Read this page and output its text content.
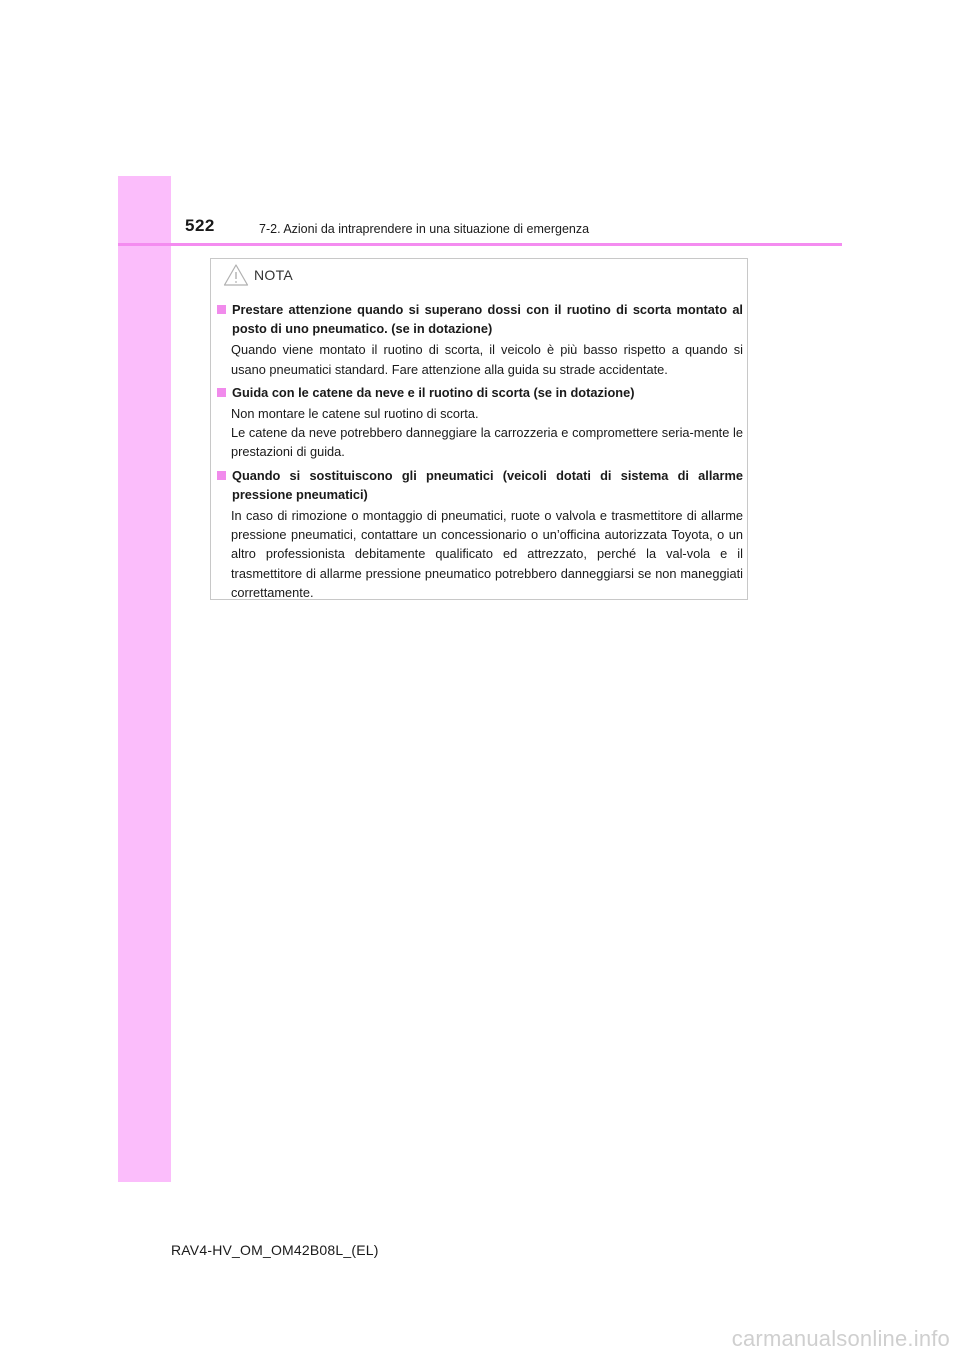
522	7-2. Azioni da intraprendere in una situazione di emergenza
NOTA
Prestare attenzione quando si superano dossi con il ruotino di scorta montato al posto di uno pneumatico. (se in dotazione)
Quando viene montato il ruotino di scorta, il veicolo è più basso rispetto a quando si usano pneumatici standard. Fare attenzione alla guida su strade accidentate.
Guida con le catene da neve e il ruotino di scorta (se in dotazione)
Non montare le catene sul ruotino di scorta.
Le catene da neve potrebbero danneggiare la carrozzeria e compromettere seria-mente le prestazioni di guida.
Quando si sostituiscono gli pneumatici (veicoli dotati di sistema di allarme pressione pneumatici)
In caso di rimozione o montaggio di pneumatici, ruote o valvola e trasmettitore di allarme pressione pneumatici, contattare un concessionario o un’officina autorizzata Toyota, o un altro professionista debitamente qualificato ed attrezzato, perché la val-vola e il trasmettitore di allarme pressione pneumatico potrebbero danneggiarsi se non maneggiati correttamente.
RAV4-HV_OM_OM42B08L_(EL)
carmanualsonline.info
